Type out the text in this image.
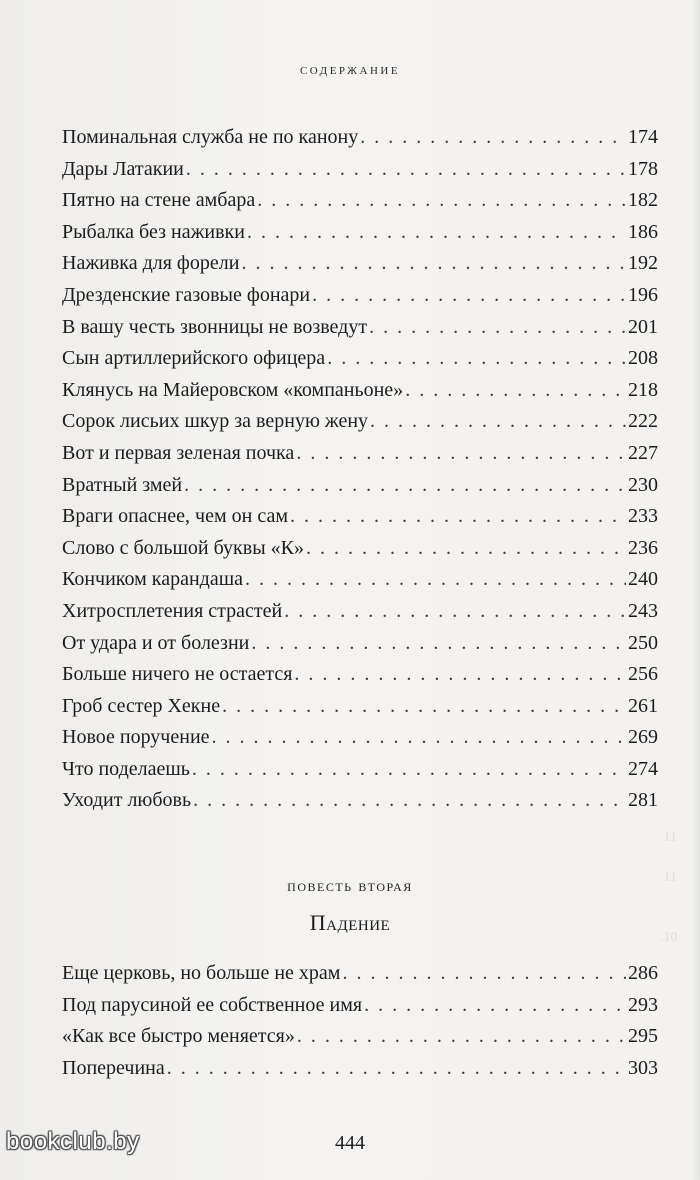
.11
.11
.10
содержание
Поминальная служба не по канону . . .	174
Дары Латакии . . .	178
Пятно на стене амбара . . .	182
Рыбалка без наживки . . .	186
Наживка для форели . . .	192
Дрезденские газовые фонари . . .	196
В вашу честь звонницы не возведут . . .	201
Сын артиллерийского офицера . . .	208
Клянусь на Майеровском «компаньоне» . . .	218
Сорок лисьих шкур за верную жену . . .	222
Вот и первая зеленая почка . . .	227
Вратный змей . . .	230
Враги опаснее, чем он сам . . .	233
Слово с большой буквы «К» . . .	236
Кончиком карандаша . . .	240
Хитросплетения страстей . . .	243
От удара и от болезни . . .	250
Больше ничего не остается . . .	256
Гроб сестер Хекне . . .	261
Новое поручение . . .	269
Что поделаешь . . .	274
Уходит любовь . . .	281
повесть вторая
Падение
Еще церковь, но больше не храм . . .	286
Под парусиной ее собственное имя . . .	293
«Как все быстро меняется» . . .	295
Поперечина . . .	303
444
bookclub.by
